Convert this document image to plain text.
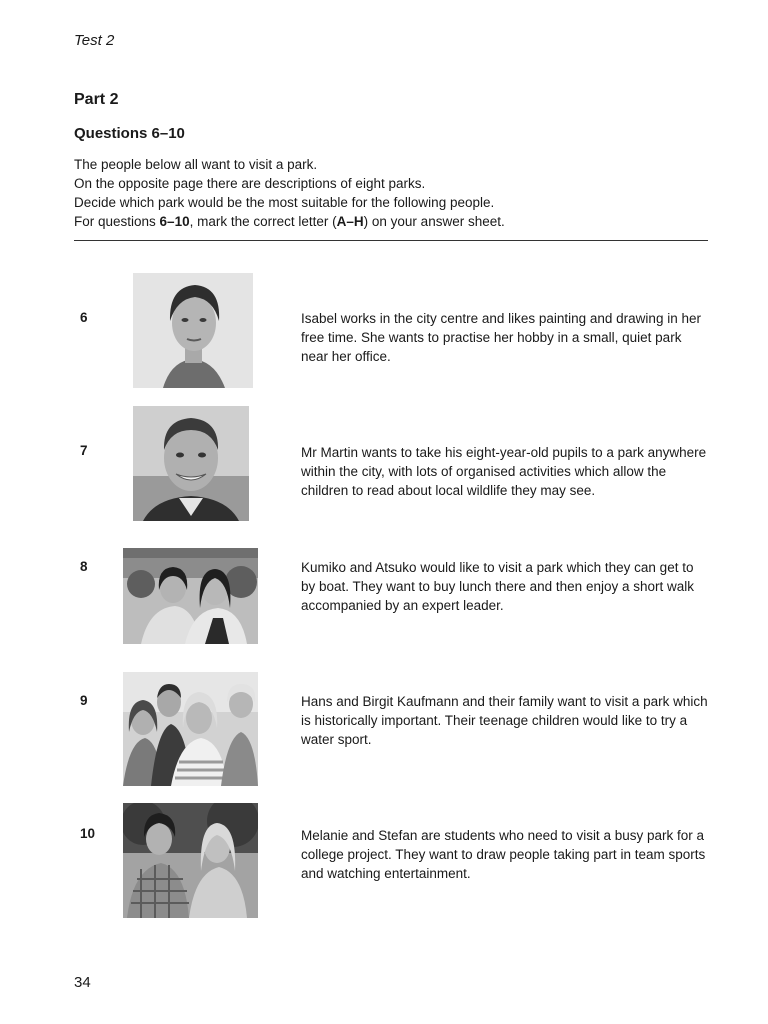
Test 2
Part 2
Questions 6–10

The people below all want to visit a park.

On the opposite page there are descriptions of eight parks.

Decide which park would be the most suitable for the following people.

For questions 6–10, mark the correct letter (A–H) on your answer sheet.

6	Isabel works in the city centre and likes painting and drawing in her free time. She wants to practise her hobby in a small, quiet park near her office.
7	Mr Martin wants to take his eight-year-old pupils to a park anywhere within the city, with lots of organised activities which allow the children to read about local wildlife they may see.
8	Kumiko and Atsuko would like to visit a park which they can get to by boat. They want to buy lunch there and then enjoy a short walk accompanied by an expert leader.
9	Hans and Birgit Kaufmann and their family want to visit a park which is historically important. Their teenage children would like to try a water sport.
10	Melanie and Stefan are students who need to visit a busy park for a college project. They want to draw people taking part in team sports and watching entertainment.
34
